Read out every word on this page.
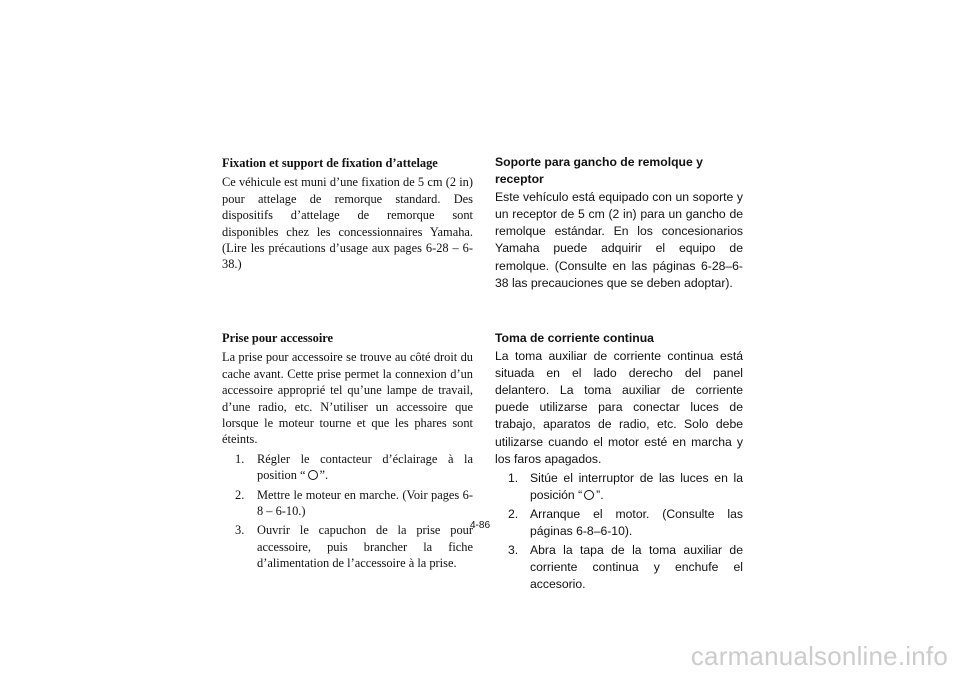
Fixation et support de fixation d’attelage

Ce véhicule est muni d’une fixation de 5 cm (2 in) pour attelage de remorque standard. Des dispositifs d’attelage de remorque sont disponibles chez les concessionnaires Yamaha. (Lire les précautions d’usage aux pages 6-28 – 6-38.)

Soporte para gancho de remolque y receptor

Este vehículo está equipado con un soporte y un receptor de 5 cm (2 in) para un gancho de remolque estándar. En los concesionarios Yamaha puede adquirir el equipo de remolque. (Consulte en las páginas 6-28–6-38 las precauciones que se deben adoptar).

Prise pour accessoire

La prise pour accessoire se trouve au côté droit du cache avant. Cette prise permet la connexion d’un accessoire approprié tel qu’une lampe de travail, d’une radio, etc. N’utiliser un accessoire que lorsque le moteur tourne et que les phares sont éteints.

1. Régler le contacteur d’éclairage à la position “ ”.
2. Mettre le moteur en marche. (Voir pages 6-8 – 6-10.)
3. Ouvrir le capuchon de la prise pour accessoire, puis brancher la fiche d’alimentation de l’accessoire à la prise.
Toma de corriente continua

La toma auxiliar de corriente continua está situada en el lado derecho del panel delantero. La toma auxiliar de corriente puede utilizarse para conectar luces de trabajo, aparatos de radio, etc. Solo debe utilizarse cuando el motor esté en marcha y los faros apagados.

1. Sitúe el interruptor de las luces en la posición “ ”.
2. Arranque el motor. (Consulte las páginas 6-8–6-10).
3. Abra la tapa de la toma auxiliar de corriente continua y enchufe el accesorio.
4-86
carmanualsonline.info
